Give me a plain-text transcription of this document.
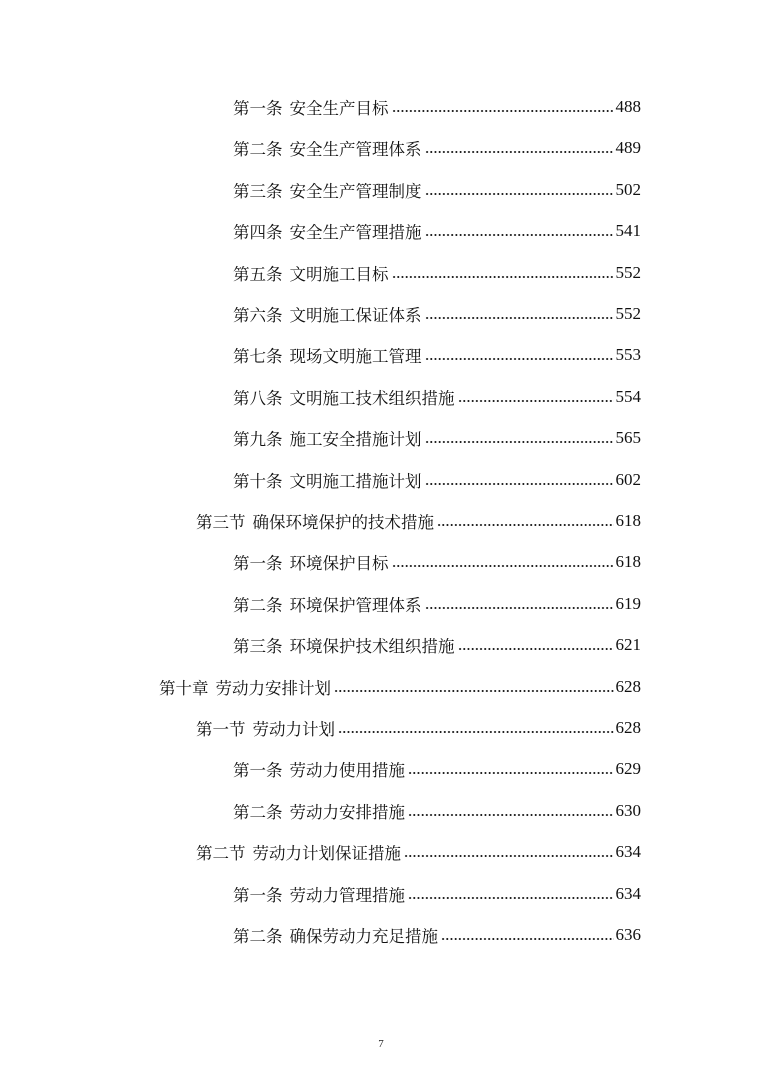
第一条 安全生产目标	488
第二条 安全生产管理体系	489
第三条 安全生产管理制度	502
第四条 安全生产管理措施	541
第五条 文明施工目标	552
第六条 文明施工保证体系	552
第七条 现场文明施工管理	553
第八条 文明施工技术组织措施	554
第九条 施工安全措施计划	565
第十条 文明施工措施计划	602
第三节 确保环境保护的技术措施	618
第一条 环境保护目标	618
第二条 环境保护管理体系	619
第三条 环境保护技术组织措施	621
第十章 劳动力安排计划	628
第一节 劳动力计划	628
第一条 劳动力使用措施	629
第二条 劳动力安排措施	630
第二节 劳动力计划保证措施	634
第一条 劳动力管理措施	634
第二条 确保劳动力充足措施	636
7
